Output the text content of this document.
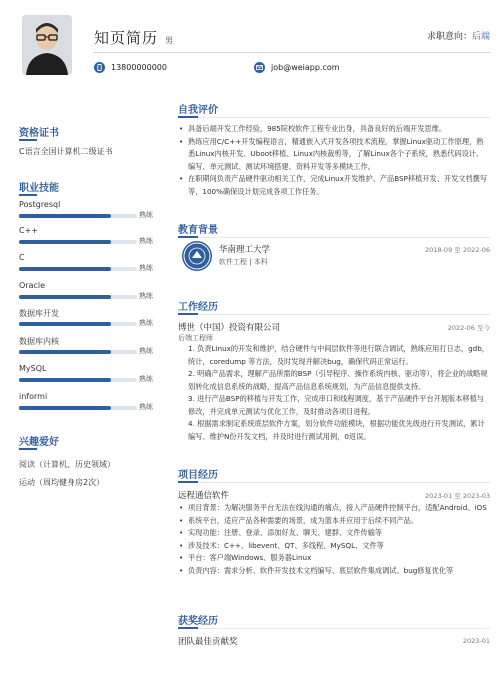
知页简历 男	求职意向：后端
13800000000	job@weiapp.com
资格证书
C语言全国计算机二级证书
职业技能
Postgresql
熟练
C++
熟练
C
熟练
Oracle
熟练
数据库开发
熟练
数据库内核
熟练
MySQL
熟练
informi
熟练
兴趣爱好
阅读（计算机、历史领域）
运动（周均健身房2次）
自我评价
• 具备后端开发工作经验，985院校软件工程专业出身，具备良好的后端开发思维。
• 熟练应用C/C++开发编程语言，精通嵌入式开发各项技术流程，掌握Linux驱动工作原理，熟悉Linux内核开发、Uboot移植、Linux内核裁剪等，了解Linux各个子系统，熟悉代码设计、编写、单元测试、测试环境搭建、资料开发等多模块工作。
• 在职期间负责产品硬件驱动相关工作，完成Linux开发维护、产品BSP移植开发、开发文档撰写等，100%确保设计划完成各项工作任务。
教育背景
华南理工大学
软件工程 | 本科
2018-09 至 2022-06
工作经历
博世（中国）投资有限公司	2022-06 至今
后端工程师
1. 负责Linux的开发和维护，结合硬件与中间层软件等进行联合调试，熟练应用打日志，gdb，统计，coredump 等方法，及时发现并解决bug，确保代码正常运行。
2. 明确产品需求，理解产品所需的BSP（引导程序、操作系统内核、驱动等），将企业的战略规划转化成信息系统的战略，提高产品信息系统规划，为产品信息提供支持。
3. 进行产品BSP的移植与开发工作，完成串口和线程调度，基于产品硬件平台开展版本移植与修改，并完成单元测试与优化工作，及时推动各项目进程。
4. 根据需求制定系统底层软件方案，划分软件功能模块，根据功能优先级进行开发测试，累计编写、维护N份开发文档，并及时进行测试用例，0返误。
项目经历
远程通信软件	2023-01 至 2023-03
• 项目背景：为解决服务平台无法在线沟通的痛点，接入产品硬件控制平台，适配Android、iOS
• 系统平台，适应产品各种需要的场景，成为篮本并应用于后续不同产品。
• 实现功能：注册、登录、添加好友、聊天、建群、文件传输等
• 涉及技术：C++、libevent、QT、多线程、MySQL、文件等
• 平台：客户端Windows、服务器Linux
• 负责内容：需求分析、软件开发技术文档编写、底层软件集成调试、bug修复优化等
获奖经历
团队最佳贡献奖	2023-01
